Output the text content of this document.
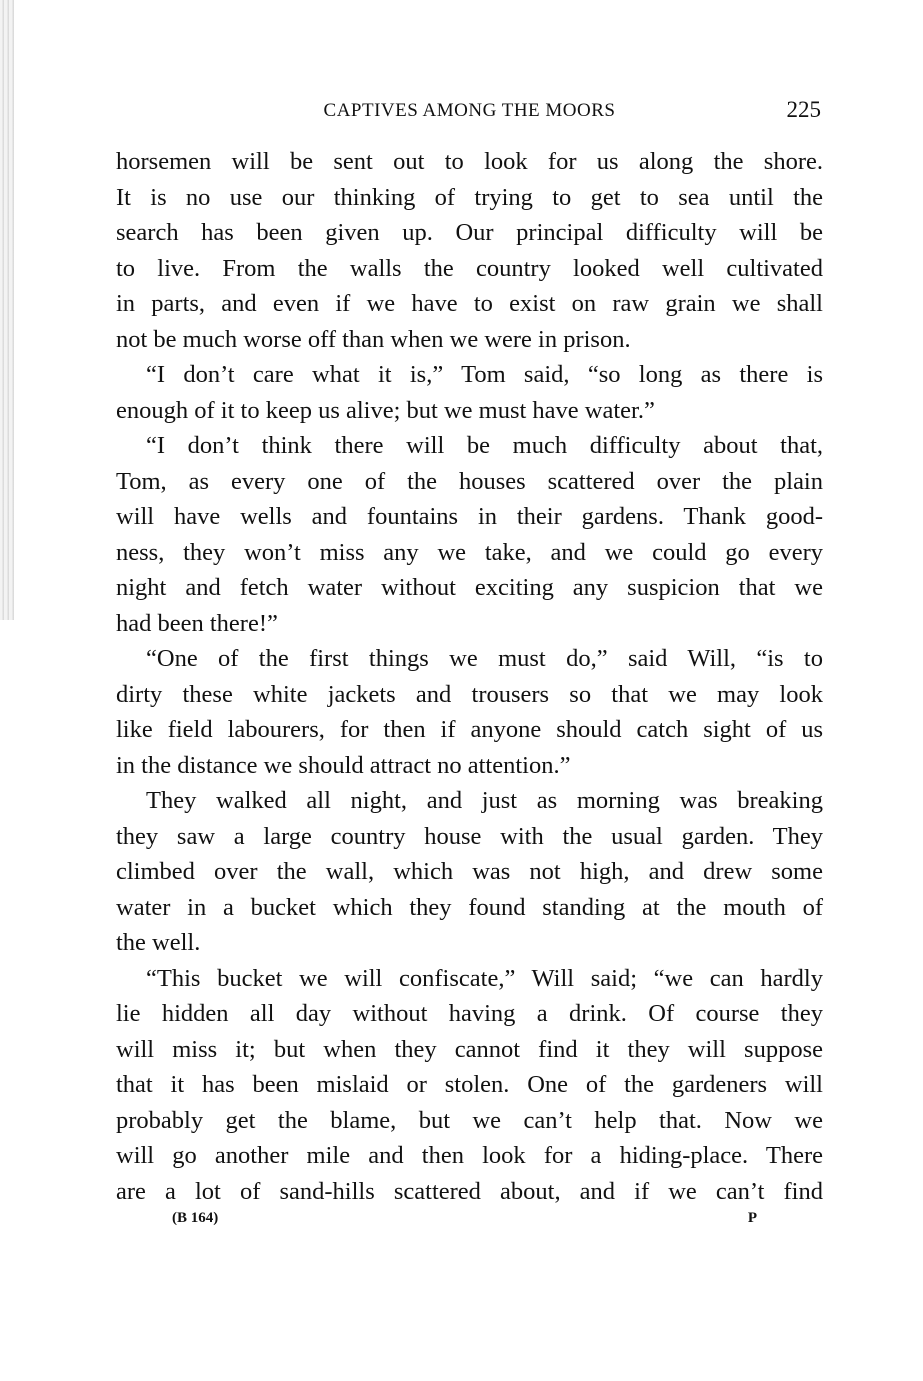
CAPTIVES AMONG THE MOORS	225
horsemen will be sent out to look for us along the shore.
It is no use our thinking of trying to get to sea until the
search has been given up. Our principal difficulty will be
to live. From the walls the country looked well cultivated
in parts, and even if we have to exist on raw grain we shall
not be much worse off than when we were in prison.
“I don’t care what it is,” Tom said, “so long as there is
enough of it to keep us alive; but we must have water.”
“I don’t think there will be much difficulty about that,
Tom, as every one of the houses scattered over the plain
will have wells and fountains in their gardens. Thank good-
ness, they won’t miss any we take, and we could go every
night and fetch water without exciting any suspicion that we
had been there!”
“One of the first things we must do,” said Will, “is to
dirty these white jackets and trousers so that we may look
like field labourers, for then if anyone should catch sight of us
in the distance we should attract no attention.”
They walked all night, and just as morning was breaking
they saw a large country house with the usual garden. They
climbed over the wall, which was not high, and drew some
water in a bucket which they found standing at the mouth of
the well.
“This bucket we will confiscate,” Will said; “we can hardly
lie hidden all day without having a drink. Of course they
will miss it; but when they cannot find it they will suppose
that it has been mislaid or stolen. One of the gardeners will
probably get the blame, but we can’t help that. Now we
will go another mile and then look for a hiding-place. There
are a lot of sand-hills scattered about, and if we can’t find
(B 164)	P
